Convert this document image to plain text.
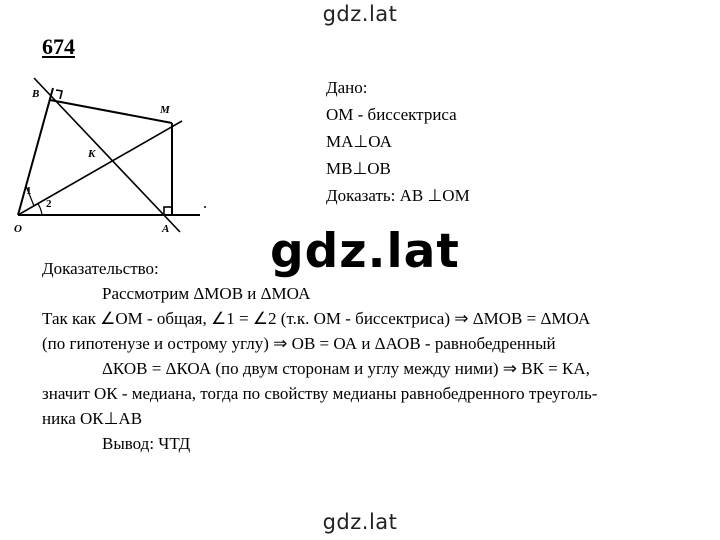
gdz.lat
674
B
M
K
O	A
1
2
Дано:
ОМ - биссектриса
МА⊥ОА
МВ⊥ОВ
Доказать: АВ ⊥ОМ
gdz.lat
Доказательство:
Рассмотрим ΔМОВ и ΔМОА
Так как ∠ОМ - общая, ∠1 = ∠2 (т.к. ОМ - биссектриса) ⇒ ΔМОВ = ΔМОА
(по гипотенузе и острому углу) ⇒ ОВ = ОА и ΔАОВ - равнобедренный
ΔКОВ = ΔКОА (по двум сторонам и углу между ними) ⇒ ВК = КА,
значит ОК - медиана, тогда по свойству медианы равнобедренного треуголь-
ника ОК⊥АВ
Вывод: ЧТД
gdz.lat
